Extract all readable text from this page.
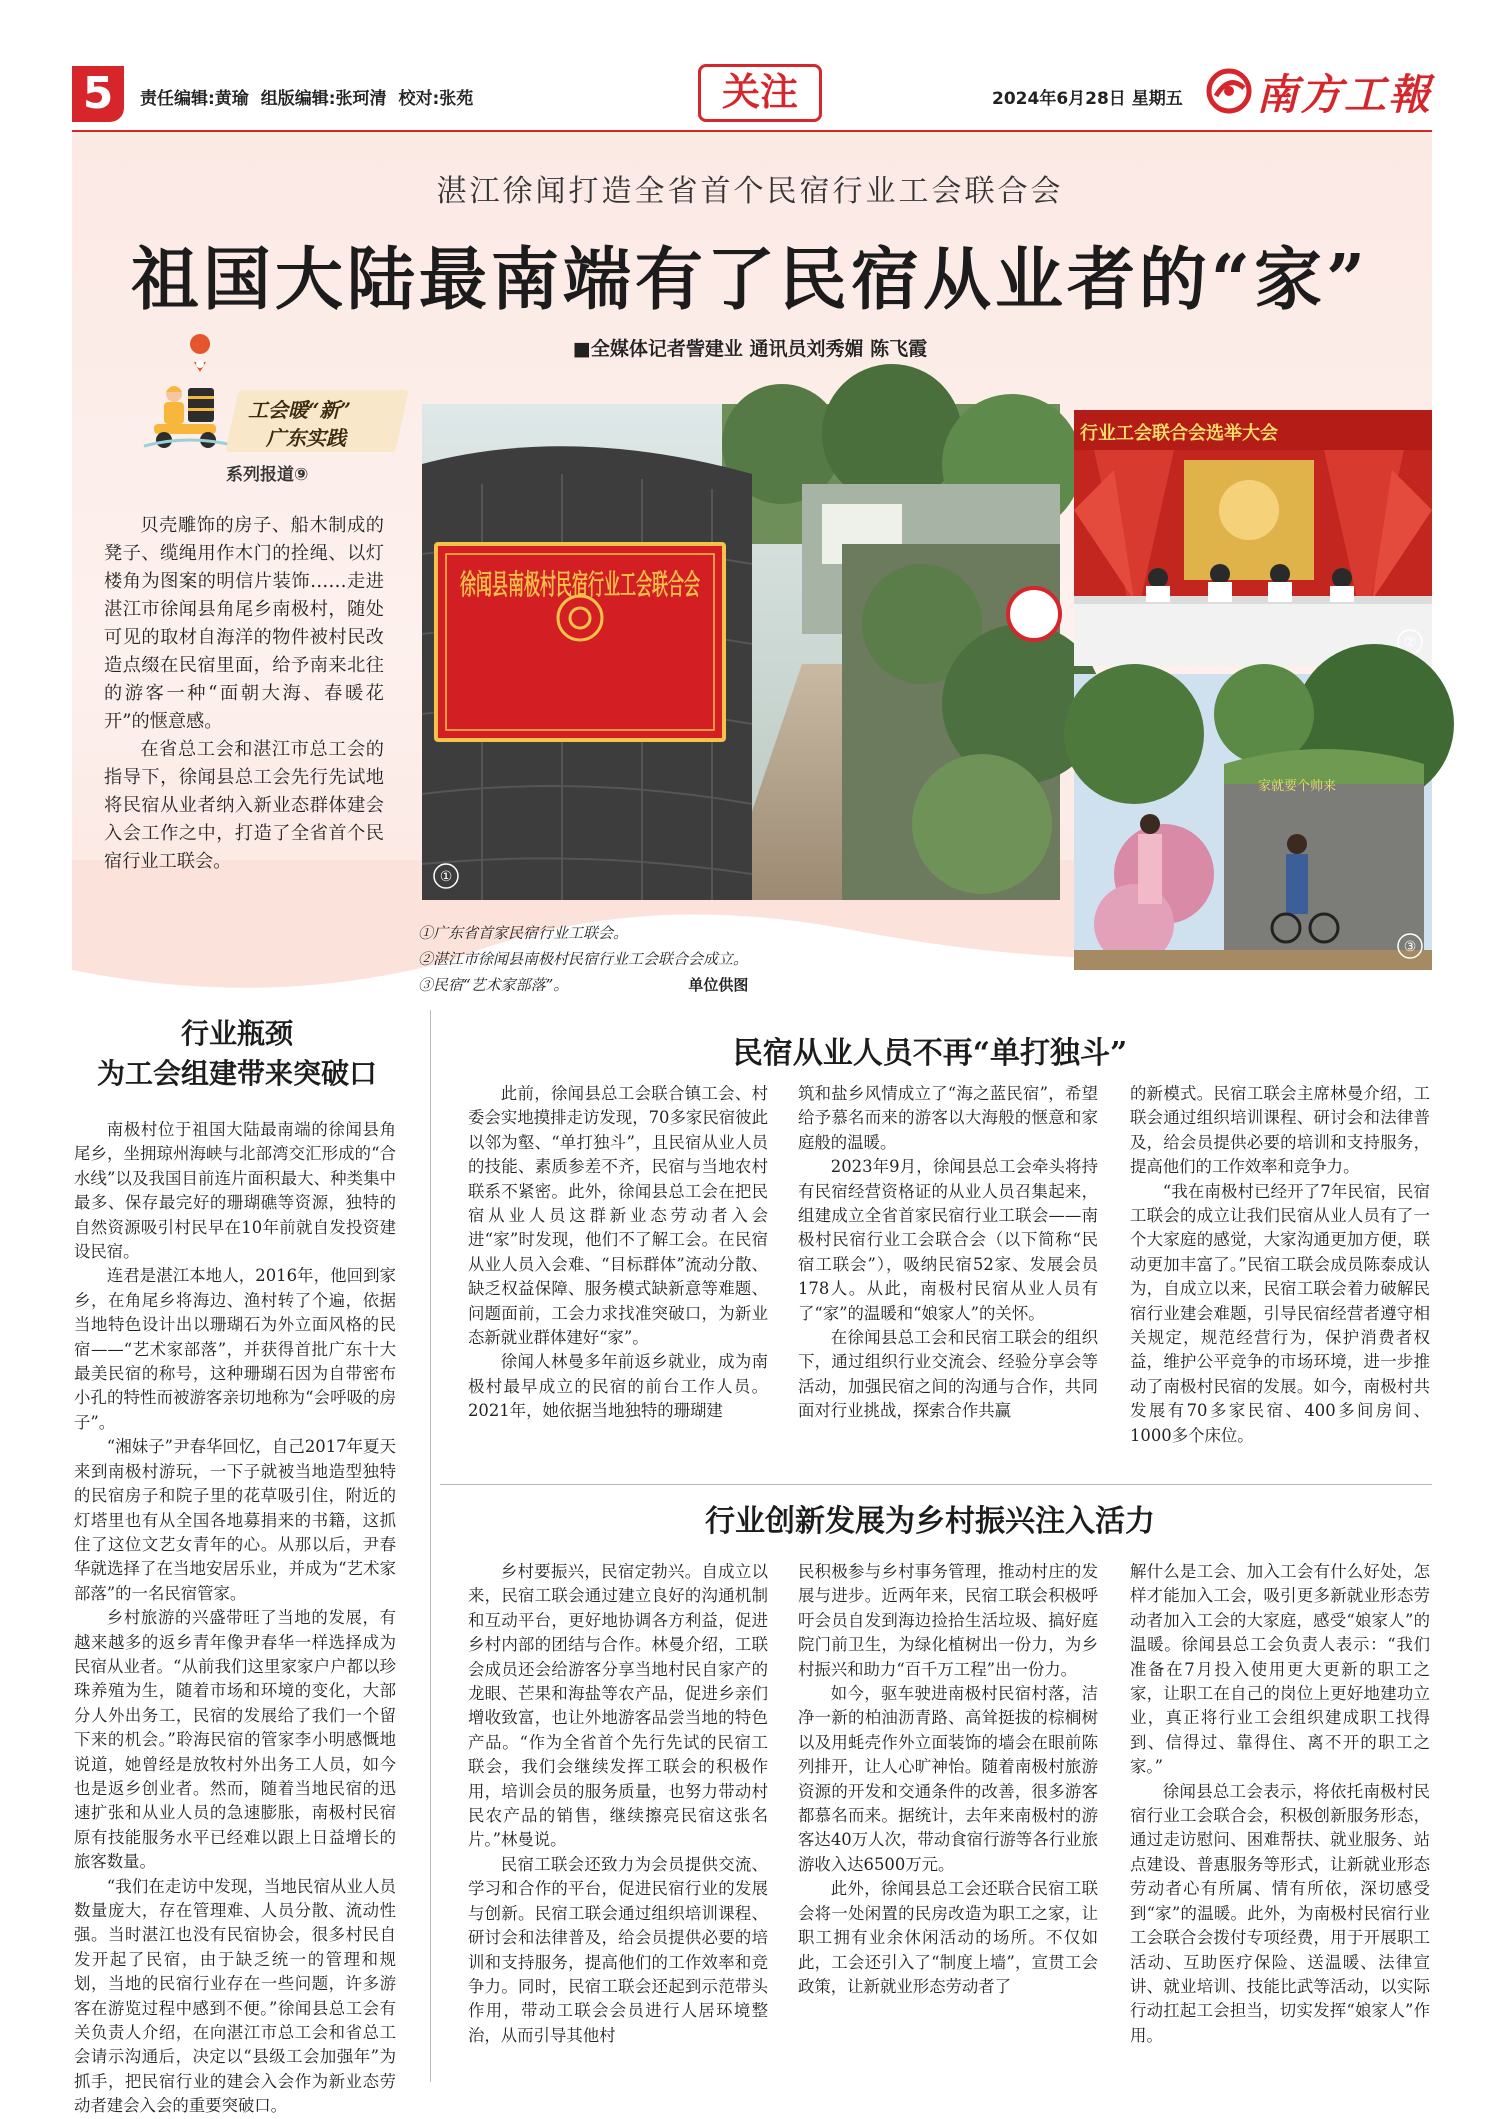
5	责任编辑:黄瑜 组版编辑:张珂清 校对:张苑	关注	2024年6月28日 星期五 南方工報
湛江徐闻打造全省首个民宿行业工会联合会
祖国大陆最南端有了民宿从业者的“家”
■全媒体记者訾建业 通讯员刘秀媚 陈飞霞
工会暖“新”
广东实践
系列报道⑨

贝壳雕饰的房子、船木制成的凳子、缆绳用作木门的拴绳、以灯楼角为图案的明信片装饰……走进湛江市徐闻县角尾乡南极村，随处可见的取材自海洋的物件被村民改造点缀在民宿里面，给予南来北往的游客一种“面朝大海、春暖花开”的惬意感。

在省总工会和湛江市总工会的指导下，徐闻县总工会先行先试地将民宿从业者纳入新业态群体建会入会工作之中，打造了全省首个民宿行业工联会。

徐闻县南极村民宿行业工会联合会
①
行业工会联合会选举大会
②
家就要个帅来
③
①广东省首家民宿行业工联会。
②湛江市徐闻县南极村民宿行业工会联合会成立。
③民宿“艺术家部落”。	单位供图
行业瓶颈
为工会组建带来突破口
民宿从业人员不再“单打独斗”
行业创新发展为乡村振兴注入活力

南极村位于祖国大陆最南端的徐闻县角尾乡，坐拥琼州海峡与北部湾交汇形成的“合水线”以及我国目前连片面积最大、种类集中最多、保存最完好的珊瑚礁等资源，独特的自然资源吸引村民早在10年前就自发投资建设民宿。

连君是湛江本地人，2016年，他回到家乡，在角尾乡将海边、渔村转了个遍，依据当地特色设计出以珊瑚石为外立面风格的民宿——“艺术家部落”，并获得首批广东十大最美民宿的称号，这种珊瑚石因为自带密布小孔的特性而被游客亲切地称为“会呼吸的房子”。

“湘妹子”尹春华回忆，自己2017年夏天来到南极村游玩，一下子就被当地造型独特的民宿房子和院子里的花草吸引住，附近的灯塔里也有从全国各地募捐来的书籍，这抓住了这位文艺女青年的心。从那以后，尹春华就选择了在当地安居乐业，并成为“艺术家部落”的一名民宿管家。

乡村旅游的兴盛带旺了当地的发展，有越来越多的返乡青年像尹春华一样选择成为民宿从业者。“从前我们这里家家户户都以珍珠养殖为生，随着市场和环境的变化，大部分人外出务工，民宿的发展给了我们一个留下来的机会。”聆海民宿的管家李小明感慨地说道，她曾经是放牧村外出务工人员，如今也是返乡创业者。然而，随着当地民宿的迅速扩张和从业人员的急速膨胀，南极村民宿原有技能服务水平已经难以跟上日益增长的旅客数量。

“我们在走访中发现，当地民宿从业人员数量庞大，存在管理难、人员分散、流动性强。当时湛江也没有民宿协会，很多村民自发开起了民宿，由于缺乏统一的管理和规划，当地的民宿行业存在一些问题，许多游客在游览过程中感到不便。”徐闻县总工会有关负责人介绍，在向湛江市总工会和省总工会请示沟通后，决定以“县级工会加强年”为抓手，把民宿行业的建会入会作为新业态劳动者建会入会的重要突破口。

此前，徐闻县总工会联合镇工会、村委会实地摸排走访发现，70多家民宿彼此以邻为壑、“单打独斗”，且民宿从业人员的技能、素质参差不齐，民宿与当地农村联系不紧密。此外，徐闻县总工会在把民宿从业人员这群新业态劳动者入会进“家”时发现，他们不了解工会。在民宿从业人员入会难、“目标群体”流动分散、缺乏权益保障、服务模式缺新意等难题、问题面前，工会力求找准突破口，为新业态新就业群体建好“家”。

徐闻人林曼多年前返乡就业，成为南极村最早成立的民宿的前台工作人员。2021年，她依据当地独特的珊瑚建

筑和盐乡风情成立了“海之蓝民宿”，希望给予慕名而来的游客以大海般的惬意和家庭般的温暖。

2023年9月，徐闻县总工会牵头将持有民宿经营资格证的从业人员召集起来，组建成立全省首家民宿行业工联会——南极村民宿行业工会联合会（以下简称“民宿工联会”），吸纳民宿52家、发展会员178人。从此，南极村民宿从业人员有了“家”的温暖和“娘家人”的关怀。

在徐闻县总工会和民宿工联会的组织下，通过组织行业交流会、经验分享会等活动，加强民宿之间的沟通与合作，共同面对行业挑战，探索合作共赢

的新模式。民宿工联会主席林曼介绍，工联会通过组织培训课程、研讨会和法律普及，给会员提供必要的培训和支持服务，提高他们的工作效率和竞争力。

“我在南极村已经开了7年民宿，民宿工联会的成立让我们民宿从业人员有了一个大家庭的感觉，大家沟通更加方便，联动更加丰富了。”民宿工联会成员陈泰成认为，自成立以来，民宿工联会着力破解民宿行业建会难题，引导民宿经营者遵守相关规定，规范经营行为，保护消费者权益，维护公平竞争的市场环境，进一步推动了南极村民宿的发展。如今，南极村共发展有70多家民宿、400多间房间、1000多个床位。

乡村要振兴，民宿定勃兴。自成立以来，民宿工联会通过建立良好的沟通机制和互动平台，更好地协调各方利益，促进乡村内部的团结与合作。林曼介绍，工联会成员还会给游客分享当地村民自家产的龙眼、芒果和海盐等农产品，促进乡亲们增收致富，也让外地游客品尝当地的特色产品。“作为全省首个先行先试的民宿工联会，我们会继续发挥工联会的积极作用，培训会员的服务质量，也努力带动村民农产品的销售，继续擦亮民宿这张名片。”林曼说。

民宿工联会还致力为会员提供交流、学习和合作的平台，促进民宿行业的发展与创新。民宿工联会通过组织培训课程、研讨会和法律普及，给会员提供必要的培训和支持服务，提高他们的工作效率和竞争力。同时，民宿工联会还起到示范带头作用，带动工联会会员进行人居环境整治，从而引导其他村

民积极参与乡村事务管理，推动村庄的发展与进步。近两年来，民宿工联会积极呼吁会员自发到海边捡拾生活垃圾、搞好庭院门前卫生，为绿化植树出一份力，为乡村振兴和助力“百千万工程”出一份力。

如今，驱车驶进南极村民宿村落，洁净一新的柏油沥青路、高耸挺拔的棕榈树以及用蚝壳作外立面装饰的墙会在眼前陈列排开，让人心旷神怡。随着南极村旅游资源的开发和交通条件的改善，很多游客都慕名而来。据统计，去年来南极村的游客达40万人次，带动食宿行游等各行业旅游收入达6500万元。

此外，徐闻县总工会还联合民宿工联会将一处闲置的民房改造为职工之家，让职工拥有业余休闲活动的场所。不仅如此，工会还引入了“制度上墙”，宣贯工会政策，让新就业形态劳动者了

解什么是工会、加入工会有什么好处，怎样才能加入工会，吸引更多新就业形态劳动者加入工会的大家庭，感受“娘家人”的温暖。徐闻县总工会负责人表示：“我们准备在7月投入使用更大更新的职工之家，让职工在自己的岗位上更好地建功立业，真正将行业工会组织建成职工找得到、信得过、靠得住、离不开的职工之家。”

徐闻县总工会表示，将依托南极村民宿行业工会联合会，积极创新服务形态，通过走访慰问、困难帮扶、就业服务、站点建设、普惠服务等形式，让新就业形态劳动者心有所属、情有所依，深切感受到“家”的温暖。此外，为南极村民宿行业工会联合会拨付专项经费，用于开展职工活动、互助医疗保险、送温暖、法律宣讲、就业培训、技能比武等活动，以实际行动扛起工会担当，切实发挥“娘家人”作用。
